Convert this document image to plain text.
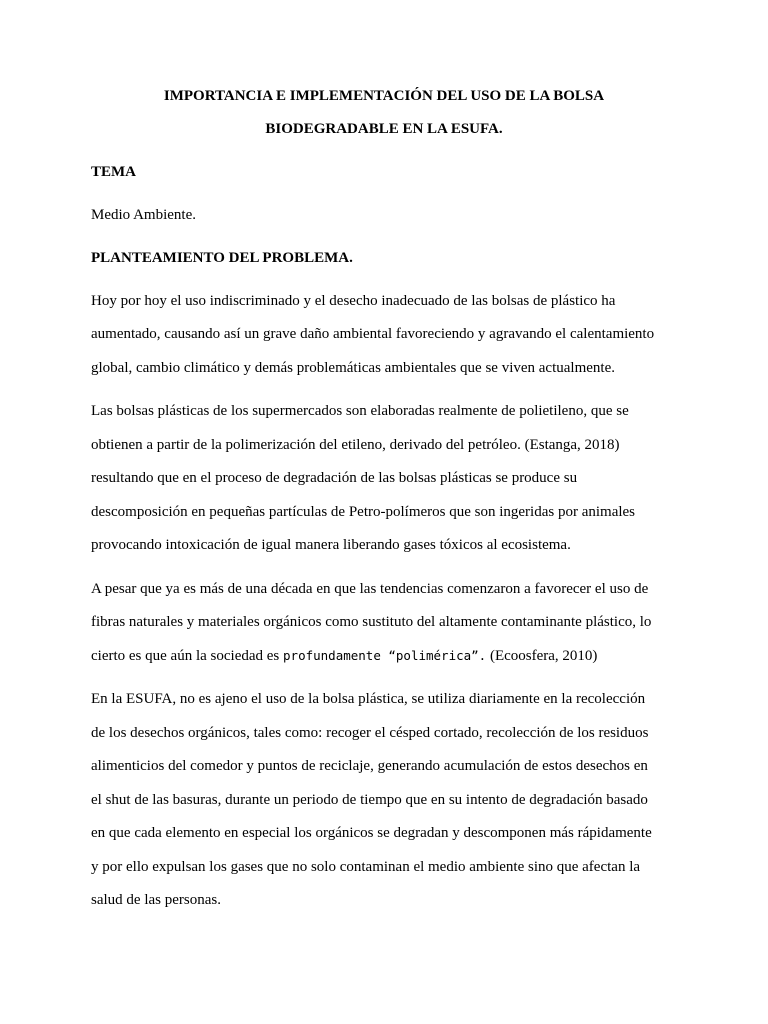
IMPORTANCIA E IMPLEMENTACIÓN DEL USO DE LA BOLSA
BIODEGRADABLE EN LA ESUFA.
TEMA
Medio Ambiente.
PLANTEAMIENTO DEL PROBLEMA.
Hoy por hoy el uso indiscriminado y el desecho inadecuado de las bolsas de plástico ha
aumentado, causando así un grave daño ambiental favoreciendo y agravando el calentamiento
global, cambio climático y demás problemáticas ambientales que se viven actualmente.
Las bolsas plásticas de los supermercados son elaboradas realmente de polietileno, que se
obtienen a partir de la polimerización del etileno, derivado del petróleo. (Estanga, 2018)
resultando que en el proceso de degradación de las bolsas plásticas se produce su
descomposición en pequeñas partículas de Petro-polímeros que son ingeridas por animales
provocando intoxicación de igual manera liberando gases tóxicos al ecosistema.
A pesar que ya es más de una década en que las tendencias comenzaron a favorecer el uso de
fibras naturales y materiales orgánicos como sustituto del altamente contaminante plástico, lo
cierto es que aún la sociedad es profundamente “polimérica”. (Ecoosfera, 2010)
En la ESUFA, no es ajeno el uso de la bolsa plástica, se utiliza diariamente en la recolección
de los desechos orgánicos, tales como: recoger el césped cortado, recolección de los residuos
alimenticios del comedor y puntos de reciclaje, generando acumulación de estos desechos en
el shut de las basuras, durante un periodo de tiempo que en su intento de degradación basado
en que cada elemento en especial los orgánicos se degradan y descomponen más rápidamente
y por ello expulsan los gases que no solo contaminan el medio ambiente sino que afectan la
salud de las personas.
